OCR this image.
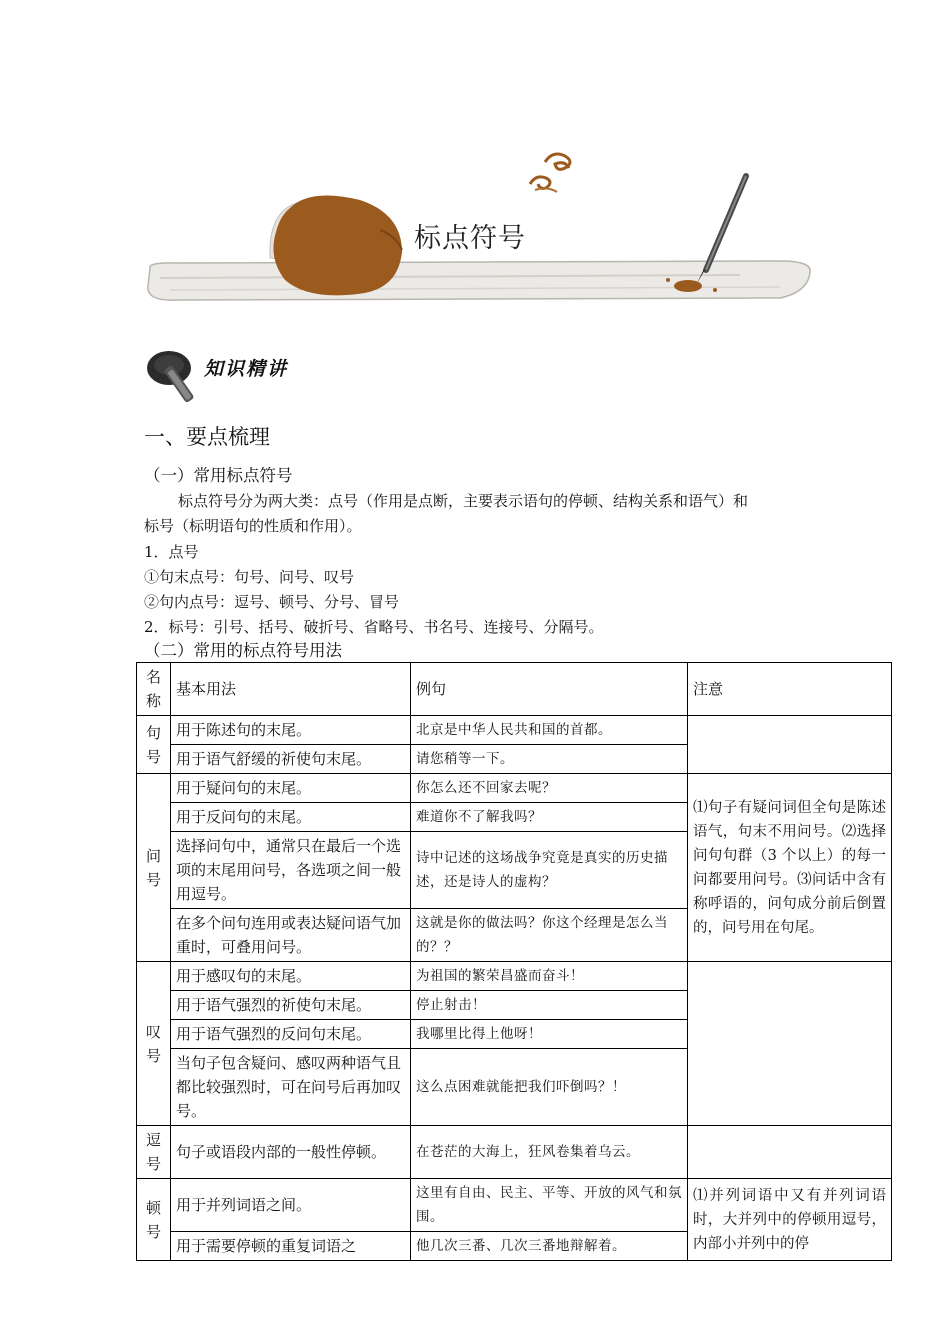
标点符号
知识精讲
一、要点梳理
（一）常用标点符号
标点符号分为两大类：点号（作用是点断，主要表示语句的停顿、结构关系和语气）和
标号（标明语句的性质和作用）。
1．点号
①句末点号：句号、问号、叹号
②句内点号：逗号、顿号、分号、冒号
2．标号：引号、括号、破折号、省略号、书名号、连接号、分隔号。
（二）常用的标点符号用法
名称	基本用法	例句	注意
句号	用于陈述句的末尾。	北京是中华人民共和国的首都。	
	用于语气舒缓的祈使句末尾。	请您稍等一下。	
问号	用于疑问句的末尾。	你怎么还不回家去呢？	⑴句子有疑问词但全句是陈述语气，句末不用问号。⑵选择问句句群（3 个以上）的每一问都要用问号。⑶问话中含有称呼语的，问句成分前后倒置的，问号用在句尾。
	用于反问句的末尾。	难道你不了解我吗？	
	选择问句中，通常只在最后一个选项的末尾用问号，各选项之间一般用逗号。	诗中记述的这场战争究竟是真实的历史描述，还是诗人的虚构？	
	在多个问句连用或表达疑问语气加重时，可叠用问号。	这就是你的做法吗？你这个经理是怎么当的？？	
叹号	用于感叹句的末尾。	为祖国的繁荣昌盛而奋斗！	
	用于语气强烈的祈使句末尾。	停止射击！	
	用于语气强烈的反问句末尾。	我哪里比得上他呀！	
	当句子包含疑问、感叹两种语气且都比较强烈时，可在问号后再加叹号。	这么点困难就能把我们吓倒吗？！	
逗号	句子或语段内部的一般性停顿。	在苍茫的大海上，狂风卷集着乌云。	
顿号	用于并列词语之间。	这里有自由、民主、平等、开放的风气和氛围。	⑴并列词语中又有并列词语时，大并列中的停顿用逗号，内部小并列中的停
	用于需要停顿的重复词语之	他几次三番、几次三番地辩解着。	
